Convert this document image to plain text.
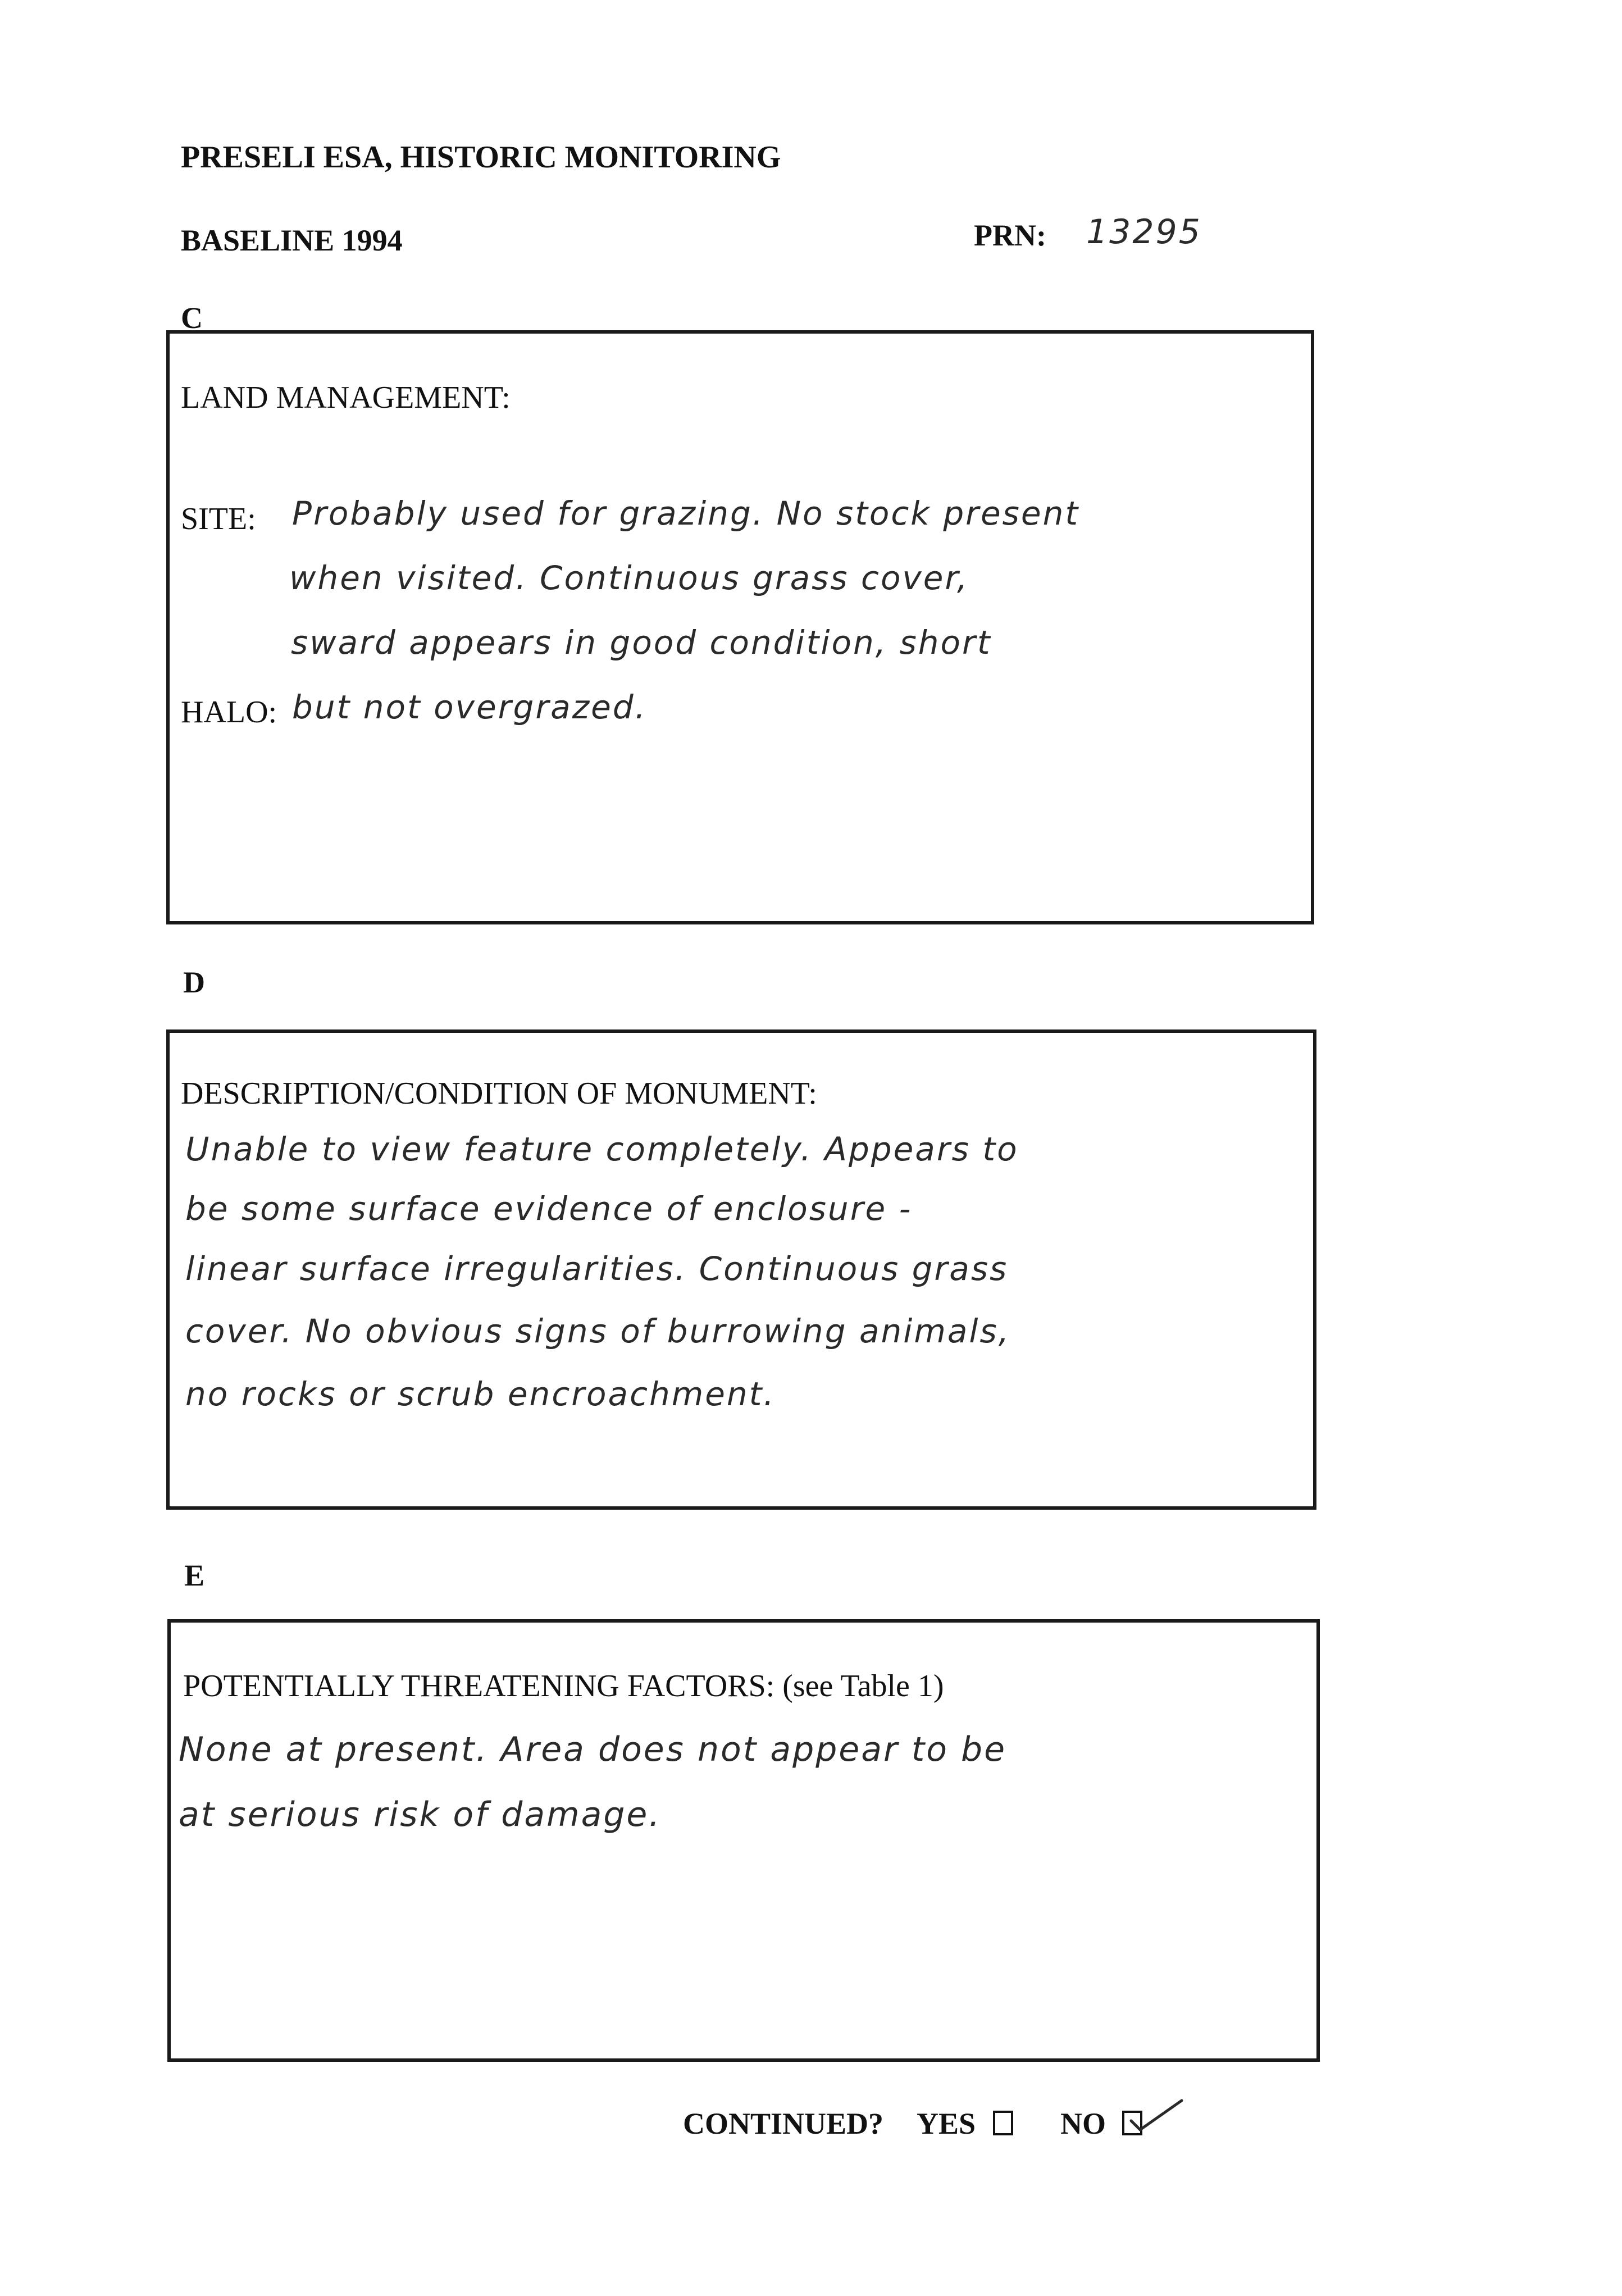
PRESELI ESA, HISTORIC MONITORING
BASELINE 1994	PRN: 13295
C
LAND MANAGEMENT:
SITE:
HALO:
Probably used for grazing. No stock present
when visited. Continuous grass cover,
sward appears in good condition, short
but not overgrazed.
D
DESCRIPTION/CONDITION OF MONUMENT:
Unable to view feature completely. Appears to
be some surface evidence of enclosure -
linear surface irregularities. Continuous grass
cover. No obvious signs of burrowing animals,
no rocks or scrub encroachment.
E
POTENTIALLY THREATENING FACTORS: (see Table 1)
None at present. Area does not appear to be
at serious risk of damage.
CONTINUED? YES	NO
